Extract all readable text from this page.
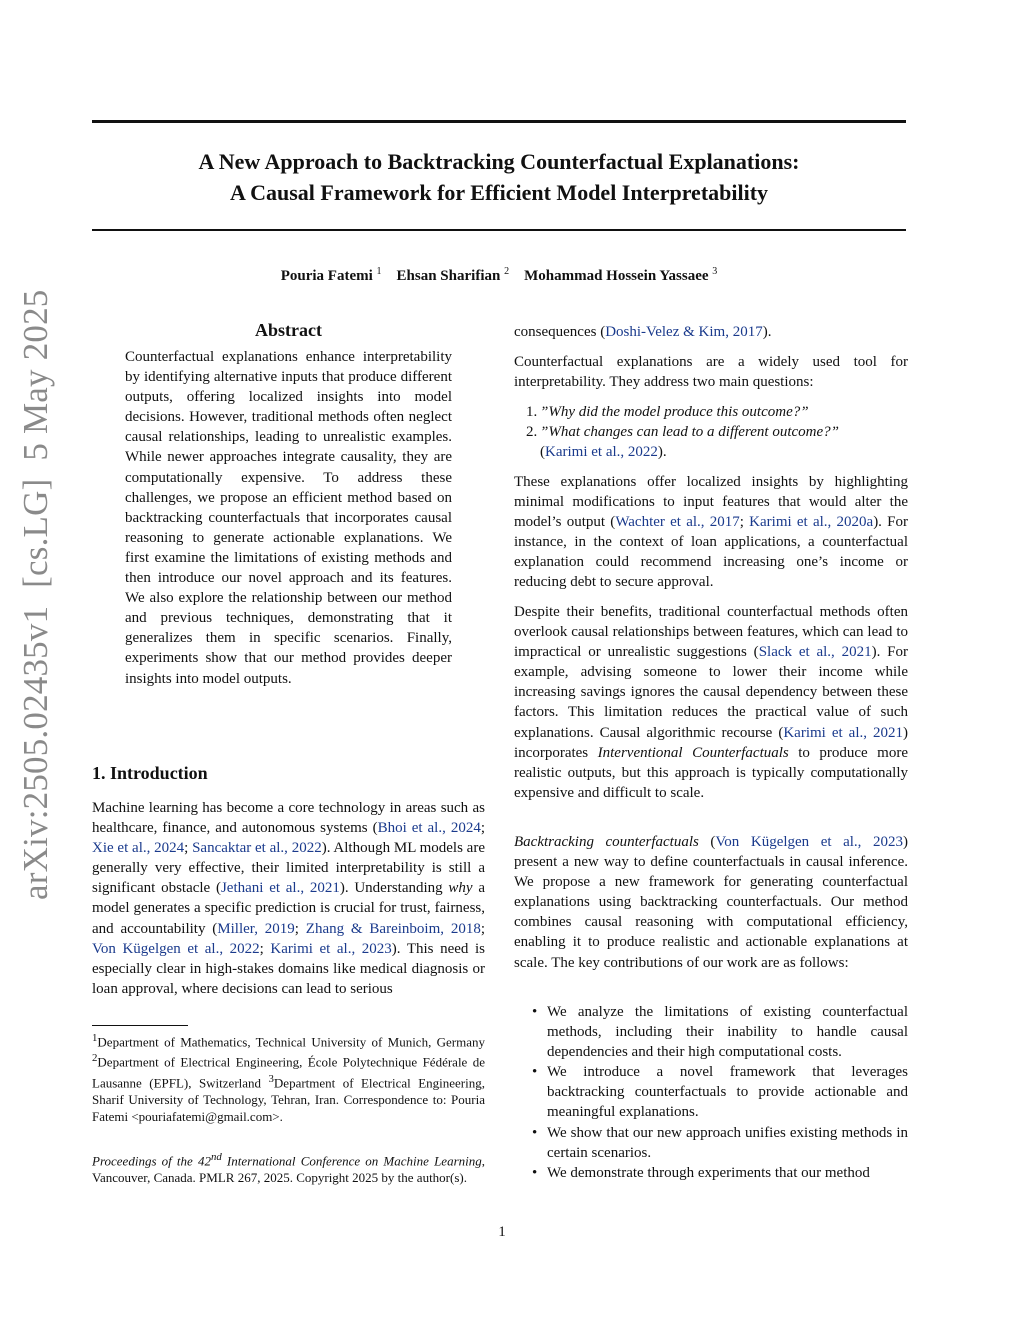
A New Approach to Backtracking Counterfactual Explanations:
A Causal Framework for Efficient Model Interpretability
Pouria Fatemi $^1$ Ehsan Sharifian $^2$ Mohammad Hossein Yassaee $^3$
arXiv:2505.02435v1  [cs.LG]  5 May 2025	Abstract
Counterfactual explanations enhance interpretability by identifying alternative inputs that produce different outputs, offering localized insights into model decisions. However, traditional methods often neglect causal relationships, leading to unrealistic examples. While newer approaches integrate causality, they are computationally expensive. To address these challenges, we propose an efficient method based on backtracking counterfactuals that incorporates causal reasoning to generate actionable explanations. We first examine the limitations of existing methods and then introduce our novel approach and its features. We also explore the relationship between our method and previous techniques, demonstrating that it generalizes them in specific scenarios. Finally, experiments show that our method provides deeper insights into model outputs.
1. Introduction

Machine learning has become a core technology in areas such as healthcare, finance, and autonomous systems (Bhoi et al., 2024; Xie et al., 2024; Sancaktar et al., 2022). Although ML models are generally very effective, their limited interpretability is still a significant obstacle (Jethani et al., 2021). Understanding why a model generates a specific prediction is crucial for trust, fairness, and accountability (Miller, 2019; Zhang & Bareinboim, 2018; Von Kügelgen et al., 2022; Karimi et al., 2023). This need is especially clear in high-stakes domains like medical diagnosis or loan approval, where decisions can lead to serious

$^1$Department of Mathematics, Technical University of Munich, Germany $^2$Department of Electrical Engineering, École Polytechnique Fédérale de Lausanne (EPFL), Switzerland $^3$Department of Electrical Engineering, Sharif University of Technology, Tehran, Iran. Correspondence to: Pouria Fatemi <pouriafatemi@gmail.com>.
Proceedings of the 42nd International Conference on Machine Learning, Vancouver, Canada. PMLR 267, 2025. Copyright 2025 by the author(s).

consequences (Doshi-Velez & Kim, 2017).

Counterfactual explanations are a widely used tool for interpretability. They address two main questions:

1. ”Why did the model produce this outcome?”
2. ”What changes can lead to a different outcome?”
(Karimi et al., 2022).

These explanations offer localized insights by highlighting minimal modifications to input features that would alter the model’s output (Wachter et al., 2017; Karimi et al., 2020a). For instance, in the context of loan applications, a counterfactual explanation could recommend increasing one’s income or reducing debt to secure approval.

Despite their benefits, traditional counterfactual methods often overlook causal relationships between features, which can lead to impractical or unrealistic suggestions (Slack et al., 2021). For example, advising someone to lower their income while increasing savings ignores the causal dependency between these factors. This limitation reduces the practical value of such explanations. Causal algorithmic recourse (Karimi et al., 2021) incorporates Interventional Counterfactuals to produce more realistic outputs, but this approach is typically computationally expensive and difficult to scale.

Backtracking counterfactuals (Von Kügelgen et al., 2023) present a new way to define counterfactuals in causal inference. We propose a new framework for generating counterfactual explanations using backtracking counterfactuals. Our method combines causal reasoning with computational efficiency, enabling it to produce realistic and actionable explanations at scale. The key contributions of our work are as follows:

• We analyze the limitations of existing counterfactual methods, including their inability to handle causal dependencies and their high computational costs.
• We introduce a novel framework that leverages backtracking counterfactuals to provide actionable and meaningful explanations.
• We show that our new approach unifies existing methods in certain scenarios.
• We demonstrate through experiments that our method
1
